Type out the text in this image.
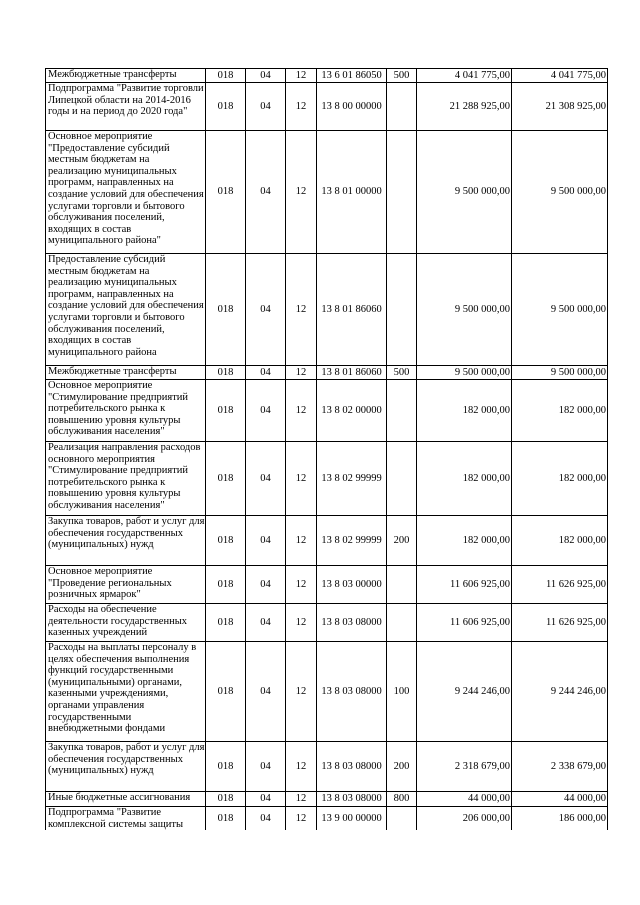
Межбюджетные трансферты	018	04	12	13 6 01 86050	500	4 041 775,00	4 041 775,00
Подпрограмма "Развитие торговли Липецкой области на 2014-2016 годы и на период до 2020 года"	018	04	12	13 8 00 00000		21 288 925,00	21 308 925,00
Основное мероприятие "Предоставление субсидий местным бюджетам на реализацию муниципальных программ, направленных на создание условий для обеспечения услугами торговли и бытового обслуживания поселений, входящих в состав муниципального района"	018	04	12	13 8 01 00000		9 500 000,00	9 500 000,00
Предоставление субсидий местным бюджетам на реализацию муниципальных программ, направленных на создание условий для обеспечения услугами торговли и бытового обслуживания поселений, входящих в состав муниципального района	018	04	12	13 8 01 86060		9 500 000,00	9 500 000,00
Межбюджетные трансферты	018	04	12	13 8 01 86060	500	9 500 000,00	9 500 000,00
Основное мероприятие "Стимулирование предприятий потребительского рынка к повышению уровня культуры обслуживания населения"	018	04	12	13 8 02 00000		182 000,00	182 000,00
Реализация направления расходов основного мероприятия "Стимулирование предприятий потребительского рынка к повышению уровня культуры обслуживания населения"	018	04	12	13 8 02 99999		182 000,00	182 000,00
Закупка товаров, работ и услуг для обеспечения государственных (муниципальных) нужд	018	04	12	13 8 02 99999	200	182 000,00	182 000,00
Основное мероприятие "Проведение региональных розничных ярмарок"	018	04	12	13 8 03 00000		11 606 925,00	11 626 925,00
Расходы на обеспечение деятельности государственных казенных учреждений	018	04	12	13 8 03 08000		11 606 925,00	11 626 925,00
Расходы на выплаты персоналу в целях обеспечения выполнения функций государственными (муниципальными) органами, казенными учреждениями, органами управления государственными внебюджетными фондами	018	04	12	13 8 03 08000	100	9 244 246,00	9 244 246,00
Закупка товаров, работ и услуг для обеспечения государственных (муниципальных) нужд	018	04	12	13 8 03 08000	200	2 318 679,00	2 338 679,00
Иные бюджетные ассигнования	018	04	12	13 8 03 08000	800	44 000,00	44 000,00
Подпрограмма "Развитие комплексной системы защиты	018	04	12	13 9 00 00000		206 000,00	186 000,00
